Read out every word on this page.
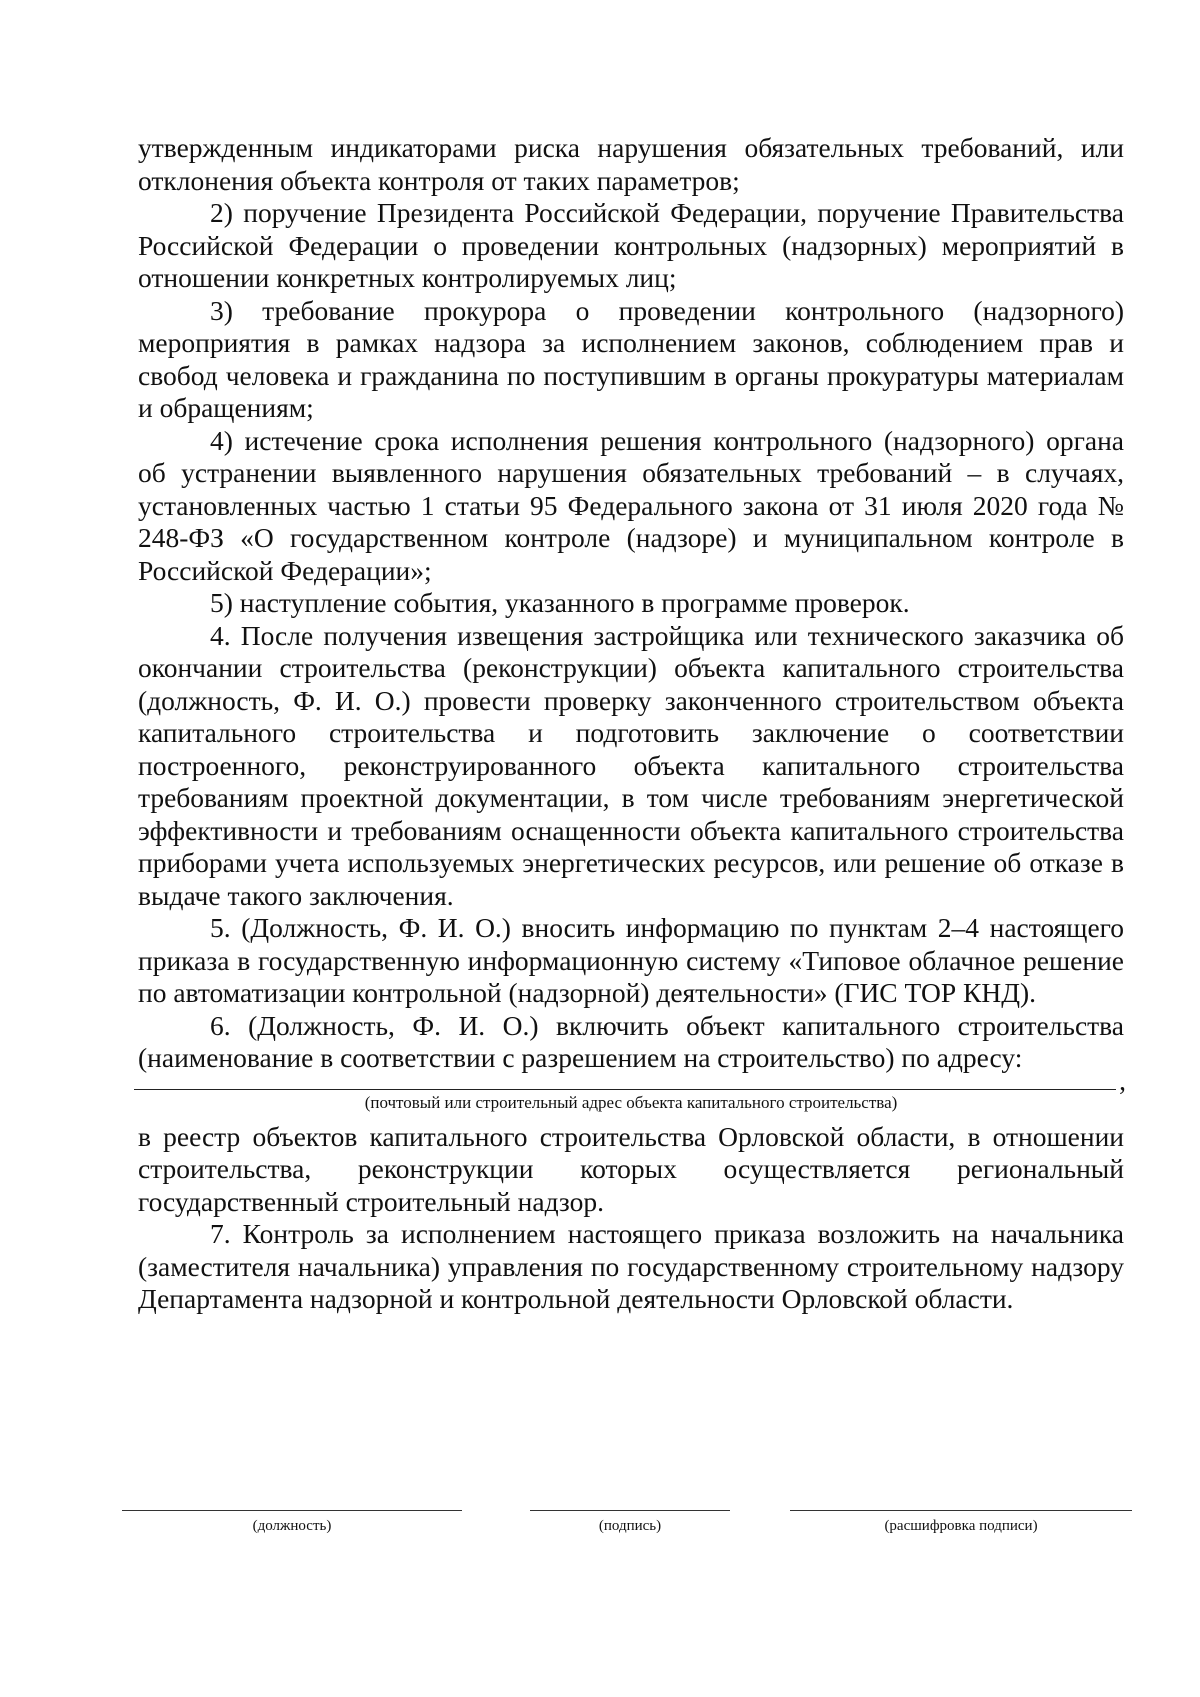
утвержденным индикаторами риска нарушения обязательных требований, или отклонения объекта контроля от таких параметров;

2) поручение Президента Российской Федерации, поручение Правительства Российской Федерации о проведении контрольных (надзорных) мероприятий в отношении конкретных контролируемых лиц;

3) требование прокурора о проведении контрольного (надзорного) мероприятия в рамках надзора за исполнением законов, соблюдением прав и свобод человека и гражданина по поступившим в органы прокуратуры материалам и обращениям;

4) истечение срока исполнения решения контрольного (надзорного) органа об устранении выявленного нарушения обязательных требований – в случаях, установленных частью 1 статьи 95 Федерального закона от 31 июля 2020 года № 248-ФЗ «О государственном контроле (надзоре) и муниципальном контроле в Российской Федерации»;

5) наступление события, указанного в программе проверок.

4. После получения извещения застройщика или технического заказчика об окончании строительства (реконструкции) объекта капитального строительства (должность, Ф. И. О.) провести проверку законченного строительством объекта капитального строительства и подготовить заключение о соответствии построенного, реконструированного объекта капитального строительства требованиям проектной документации, в том числе требованиям энергетической эффективности и требованиям оснащенности объекта капитального строительства приборами учета используемых энергетических ресурсов, или решение об отказе в выдаче такого заключения.

5. (Должность, Ф. И. О.) вносить информацию по пунктам 2–4 настоящего приказа в государственную информационную систему «Типовое облачное решение по автоматизации контрольной (надзорной) деятельности» (ГИС ТОР КНД).

6. (Должность, Ф. И. О.) включить объект капитального строительства (наименование в соответствии с разрешением на строительство) по адресу:

,
(почтовый или строительный адрес объекта капитального строительства)

в реестр объектов капитального строительства Орловской области, в отношении строительства, реконструкции которых осуществляется региональный государственный строительный надзор.

7. Контроль за исполнением настоящего приказа возложить на начальника (заместителя начальника) управления по государственному строительному надзору Департамента надзорной и контрольной деятельности Орловской области.

(должность)	(подпись)	(расшифровка подписи)
